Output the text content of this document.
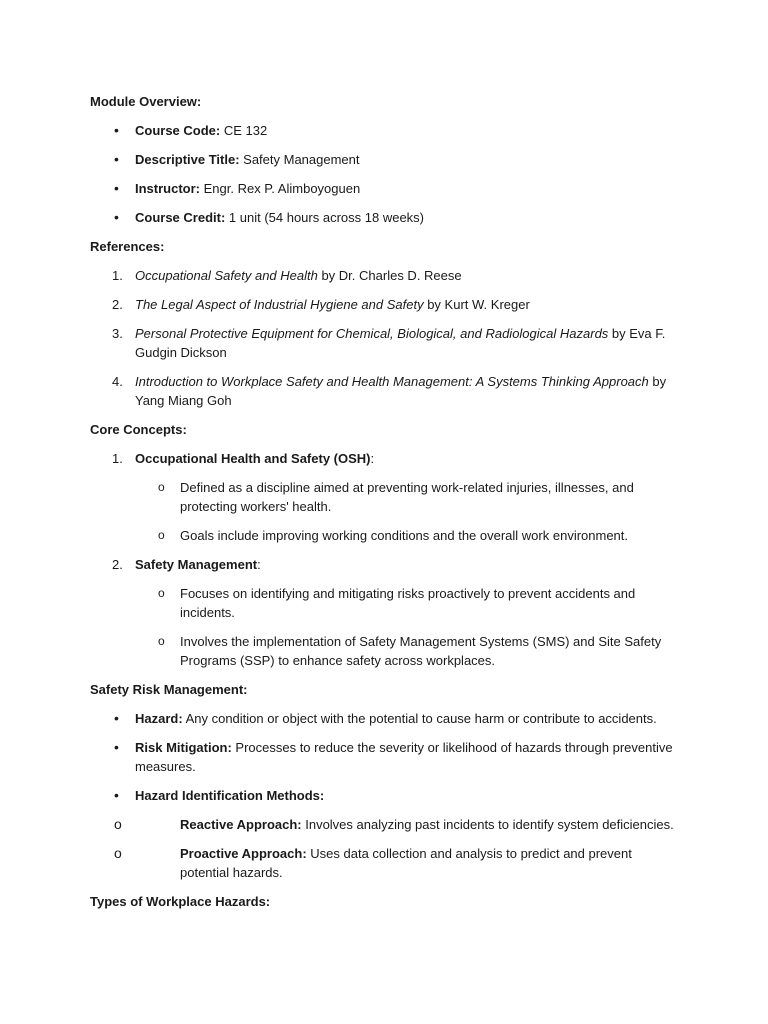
Module Overview:
• Course Code: CE 132
• Descriptive Title: Safety Management
• Instructor: Engr. Rex P. Alimboyoguen
• Course Credit: 1 unit (54 hours across 18 weeks)
References:
1. Occupational Safety and Health by Dr. Charles D. Reese
2. The Legal Aspect of Industrial Hygiene and Safety by Kurt W. Kreger
3. Personal Protective Equipment for Chemical, Biological, and Radiological Hazards by Eva F. Gudgin Dickson
4. Introduction to Workplace Safety and Health Management: A Systems Thinking Approach by Yang Miang Goh
Core Concepts:
1. Occupational Health and Safety (OSH):
o Defined as a discipline aimed at preventing work-related injuries, illnesses, and protecting workers' health.
o Goals include improving working conditions and the overall work environment.
2. Safety Management:
o Focuses on identifying and mitigating risks proactively to prevent accidents and incidents.
o Involves the implementation of Safety Management Systems (SMS) and Site Safety Programs (SSP) to enhance safety across workplaces.
Safety Risk Management:
• Hazard: Any condition or object with the potential to cause harm or contribute to accidents.
• Risk Mitigation: Processes to reduce the severity or likelihood of hazards through preventive measures.
• Hazard Identification Methods:
o	Reactive Approach: Involves analyzing past incidents to identify system deficiencies.
o	Proactive Approach: Uses data collection and analysis to predict and prevent potential hazards.
Types of Workplace Hazards:
